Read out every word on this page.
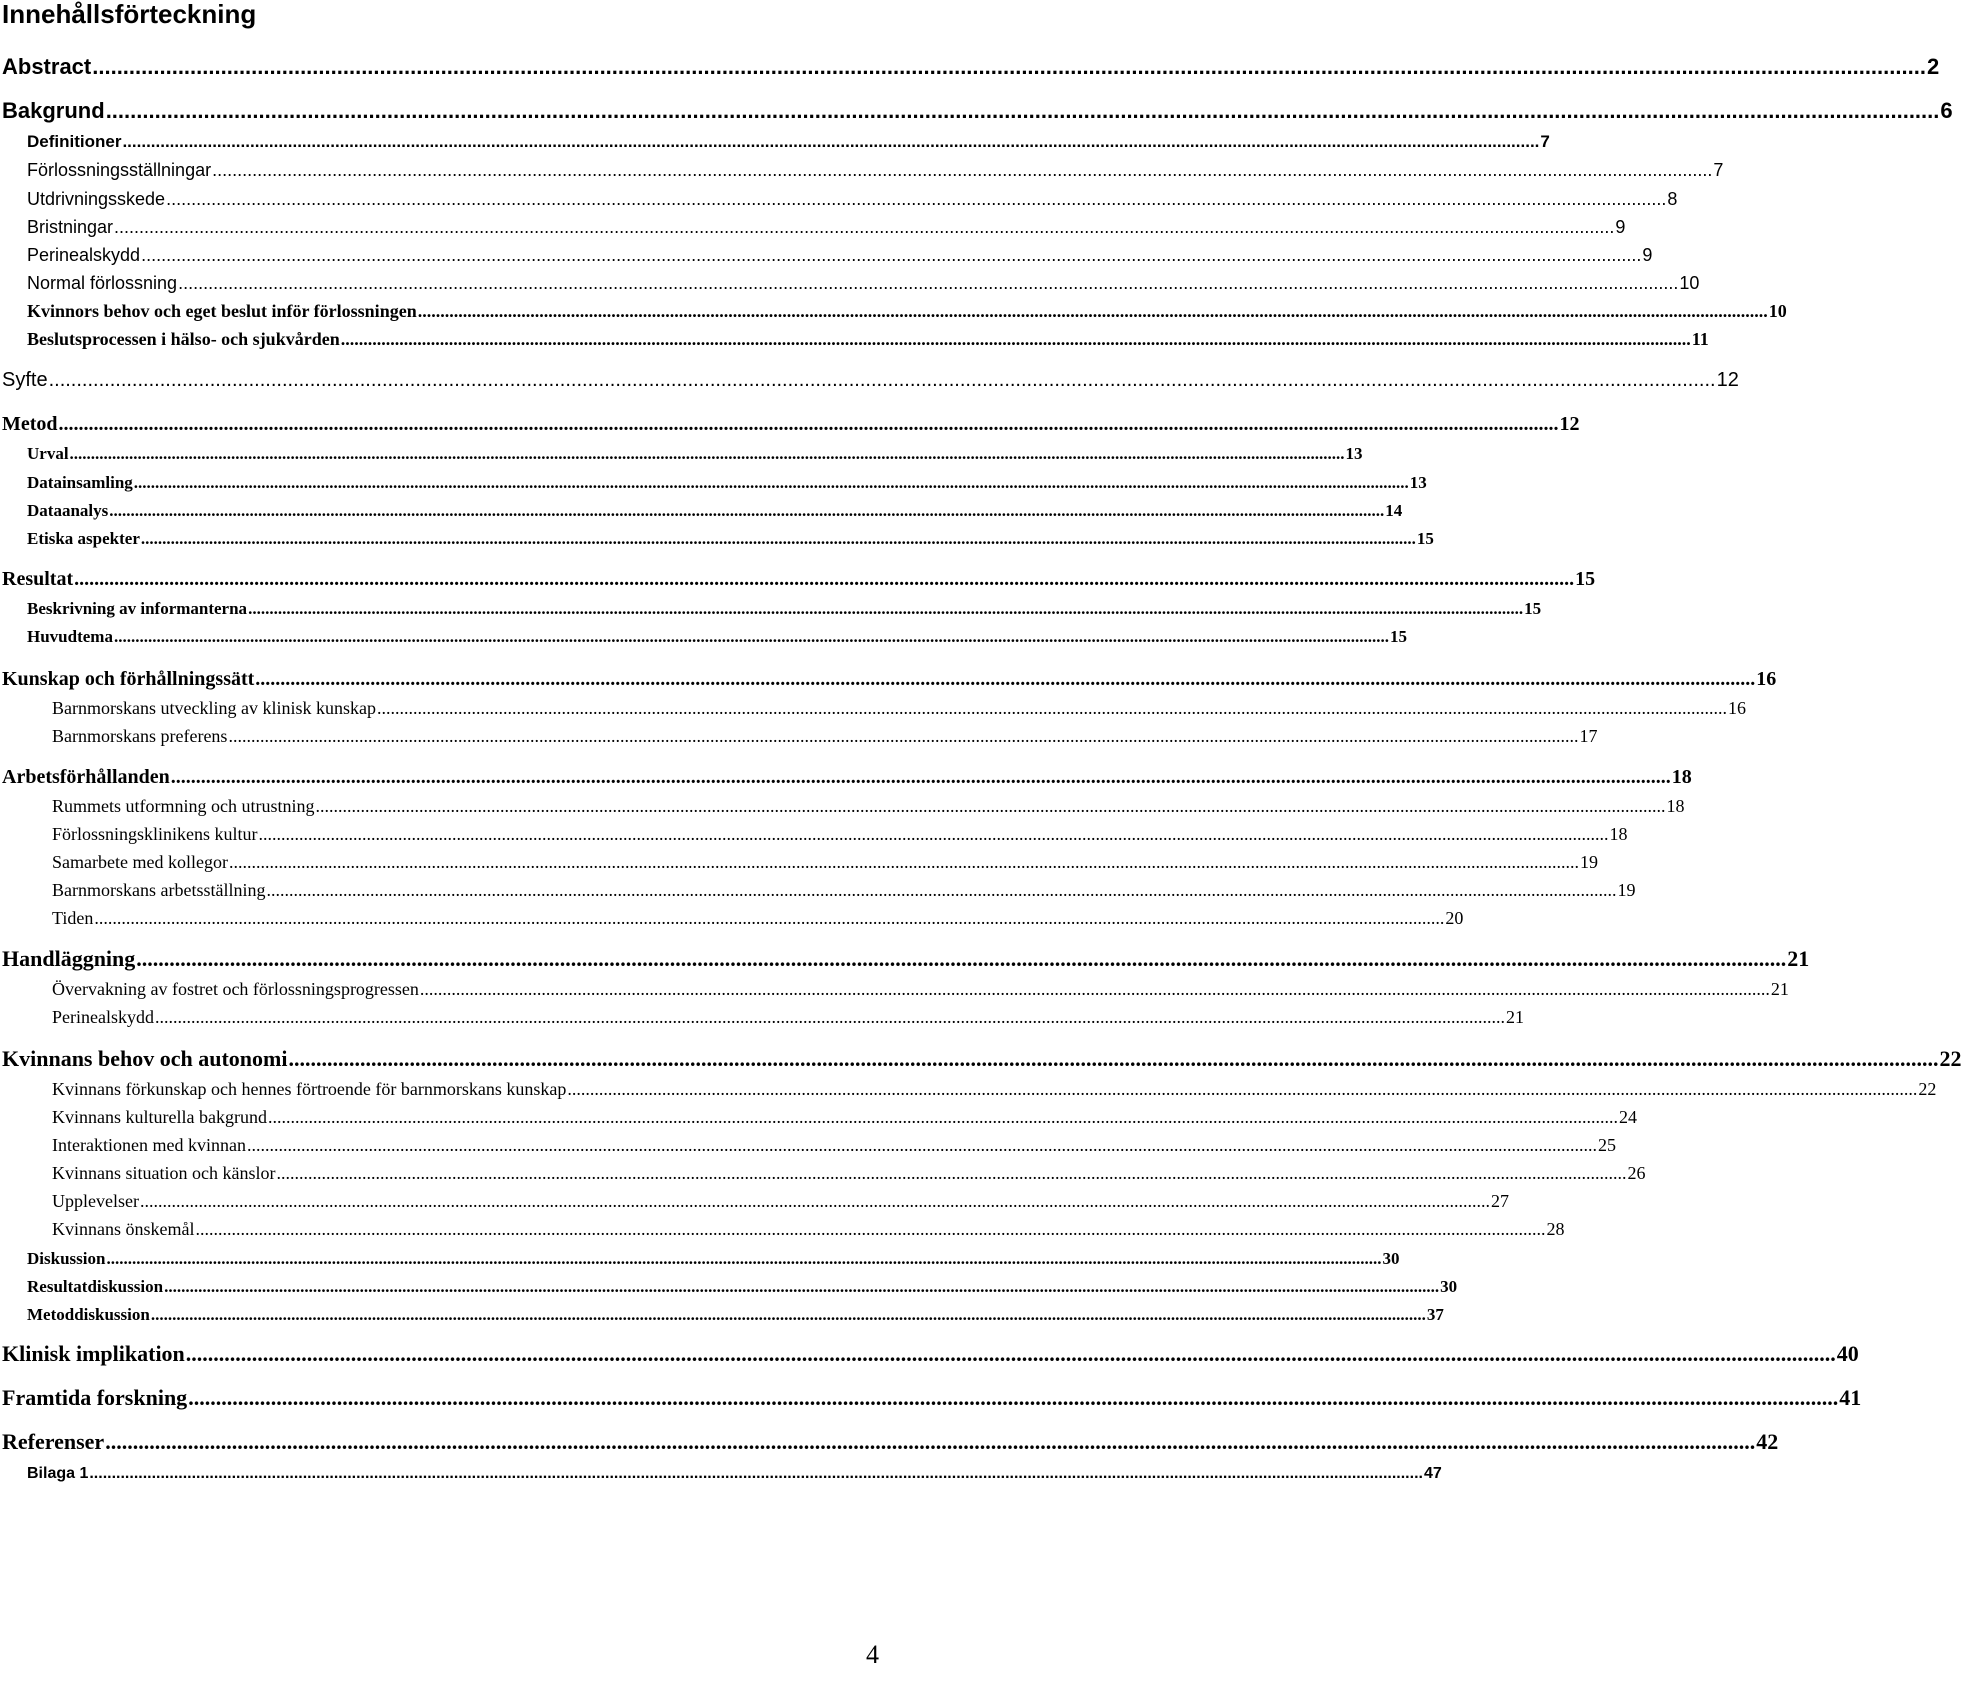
Innehållsförteckning
Abstract ............................................................................................................................................................................................................................................................................................................ 2
Bakgrund ............................................................................................................................................................................................................................................................................................................ 6
Definitioner ............................................................................................................................................................................................................................................................................................................ 7
Förlossningsställningar ............................................................................................................................................................................................................................................................................................................ 7
Utdrivningsskede ............................................................................................................................................................................................................................................................................................................ 8
Bristningar ............................................................................................................................................................................................................................................................................................................ 9
Perinealskydd ............................................................................................................................................................................................................................................................................................................ 9
Normal förlossning ............................................................................................................................................................................................................................................................................................................ 10
Kvinnors behov och eget beslut inför förlossningen ............................................................................................................................................................................................................................................................................................................ 10
Beslutsprocessen i hälso- och sjukvården ............................................................................................................................................................................................................................................................................................................ 11
Syfte ............................................................................................................................................................................................................................................................................................................ 12
Metod ............................................................................................................................................................................................................................................................................................................ 12
Urval ............................................................................................................................................................................................................................................................................................................ 13
Datainsamling ............................................................................................................................................................................................................................................................................................................ 13
Dataanalys ............................................................................................................................................................................................................................................................................................................ 14
Etiska aspekter ............................................................................................................................................................................................................................................................................................................ 15
Resultat ............................................................................................................................................................................................................................................................................................................ 15
Beskrivning av informanterna ............................................................................................................................................................................................................................................................................................................ 15
Huvudtema ............................................................................................................................................................................................................................................................................................................ 15
Kunskap och förhållningssätt ............................................................................................................................................................................................................................................................................................................ 16
Barnmorskans utveckling av klinisk kunskap ............................................................................................................................................................................................................................................................................................................ 16
Barnmorskans preferens ............................................................................................................................................................................................................................................................................................................ 17
Arbetsförhållanden ............................................................................................................................................................................................................................................................................................................ 18
Rummets utformning och utrustning ............................................................................................................................................................................................................................................................................................................ 18
Förlossningsklinikens kultur ............................................................................................................................................................................................................................................................................................................ 18
Samarbete med kollegor ............................................................................................................................................................................................................................................................................................................ 19
Barnmorskans arbetsställning ............................................................................................................................................................................................................................................................................................................ 19
Tiden ............................................................................................................................................................................................................................................................................................................ 20
Handläggning ............................................................................................................................................................................................................................................................................................................ 21
Övervakning av fostret och förlossningsprogressen ............................................................................................................................................................................................................................................................................................................ 21
Perinealskydd ............................................................................................................................................................................................................................................................................................................ 21
Kvinnans behov och autonomi ............................................................................................................................................................................................................................................................................................................ 22
Kvinnans förkunskap och hennes förtroende för barnmorskans kunskap ............................................................................................................................................................................................................................................................................................................ 22
Kvinnans kulturella bakgrund ............................................................................................................................................................................................................................................................................................................ 24
Interaktionen med kvinnan ............................................................................................................................................................................................................................................................................................................ 25
Kvinnans situation och känslor ............................................................................................................................................................................................................................................................................................................ 26
Upplevelser ............................................................................................................................................................................................................................................................................................................ 27
Kvinnans önskemål ............................................................................................................................................................................................................................................................................................................ 28
Diskussion ............................................................................................................................................................................................................................................................................................................ 30
Resultatdiskussion ............................................................................................................................................................................................................................................................................................................ 30
Metoddiskussion ............................................................................................................................................................................................................................................................................................................ 37
Klinisk implikation ............................................................................................................................................................................................................................................................................................................ 40
Framtida forskning ............................................................................................................................................................................................................................................................................................................ 41
Referenser ............................................................................................................................................................................................................................................................................................................ 42
Bilaga 1 ............................................................................................................................................................................................................................................................................................................ 47
4
